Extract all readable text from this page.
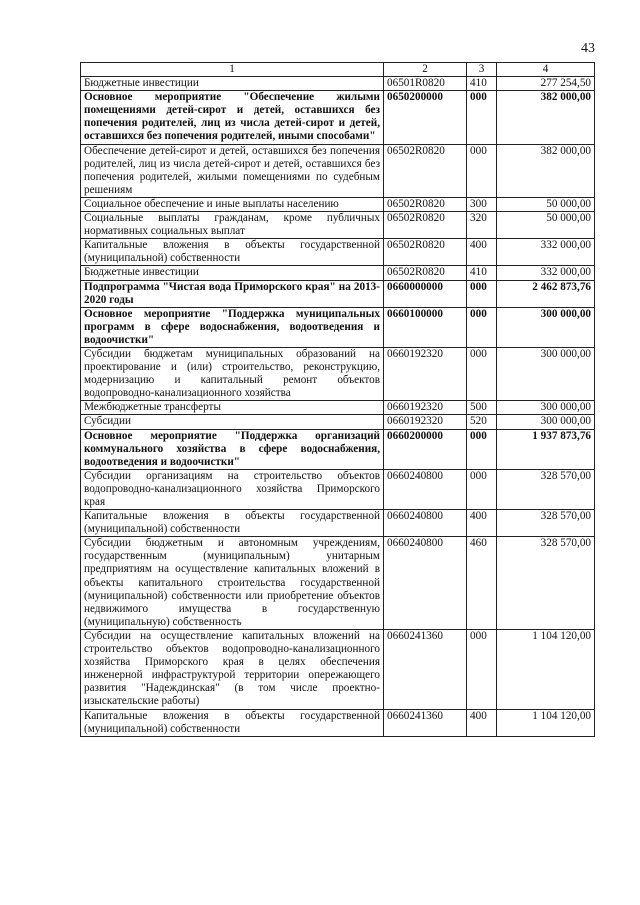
43
1	2	3	4
Бюджетные инвестиции	06501R0820	410	277 254,50
Основное мероприятие "Обеспечение жилыми помещениями детей-сирот и детей, оставшихся без попечения родителей, лиц из числа детей-сирот и детей, оставшихся без попечения родителей, иными способами"	0650200000	000	382 000,00
Обеспечение детей-сирот и детей, оставшихся без попечения родителей, лиц из числа детей-сирот и детей, оставшихся без попечения родителей, жилыми помещениями по судебным решениям	06502R0820	000	382 000,00
Социальное обеспечение и иные выплаты населению	06502R0820	300	50 000,00
Социальные выплаты гражданам, кроме публичных нормативных социальных выплат	06502R0820	320	50 000,00
Капитальные вложения в объекты государственной (муниципальной) собственности	06502R0820	400	332 000,00
Бюджетные инвестиции	06502R0820	410	332 000,00
Подпрограмма "Чистая вода Приморского края" на 2013-2020 годы	0660000000	000	2 462 873,76
Основное мероприятие "Поддержка муниципальных программ в сфере водоснабжения, водоотведения и водоочистки"	0660100000	000	300 000,00
Субсидии бюджетам муниципальных образований на проектирование и (или) строительство, реконструкцию, модернизацию и капитальный ремонт объектов водопроводно-канализационного хозяйства	0660192320	000	300 000,00
Межбюджетные трансферты	0660192320	500	300 000,00
Субсидии	0660192320	520	300 000,00
Основное мероприятие "Поддержка организаций коммунального хозяйства в сфере водоснабжения, водоотведения и водоочистки"	0660200000	000	1 937 873,76
Субсидии организациям на строительство объектов водопроводно-канализационного хозяйства Приморского края	0660240800	000	328 570,00
Капитальные вложения в объекты государственной (муниципальной) собственности	0660240800	400	328 570,00
Субсидии бюджетным и автономным учреждениям, государственным (муниципальным) унитарным предприятиям на осуществление капитальных вложений в объекты капитального строительства государственной (муниципальной) собственности или приобретение объектов недвижимого имущества в государственную (муниципальную) собственность	0660240800	460	328 570,00
Субсидии на осуществление капитальных вложений на строительство объектов водопроводно-канализационного хозяйства Приморского края в целях обеспечения инженерной инфраструктурой территории опережающего развития "Надеждинская" (в том числе проектно-изыскательские работы)	0660241360	000	1 104 120,00
Капитальные вложения в объекты государственной (муниципальной) собственности	0660241360	400	1 104 120,00
